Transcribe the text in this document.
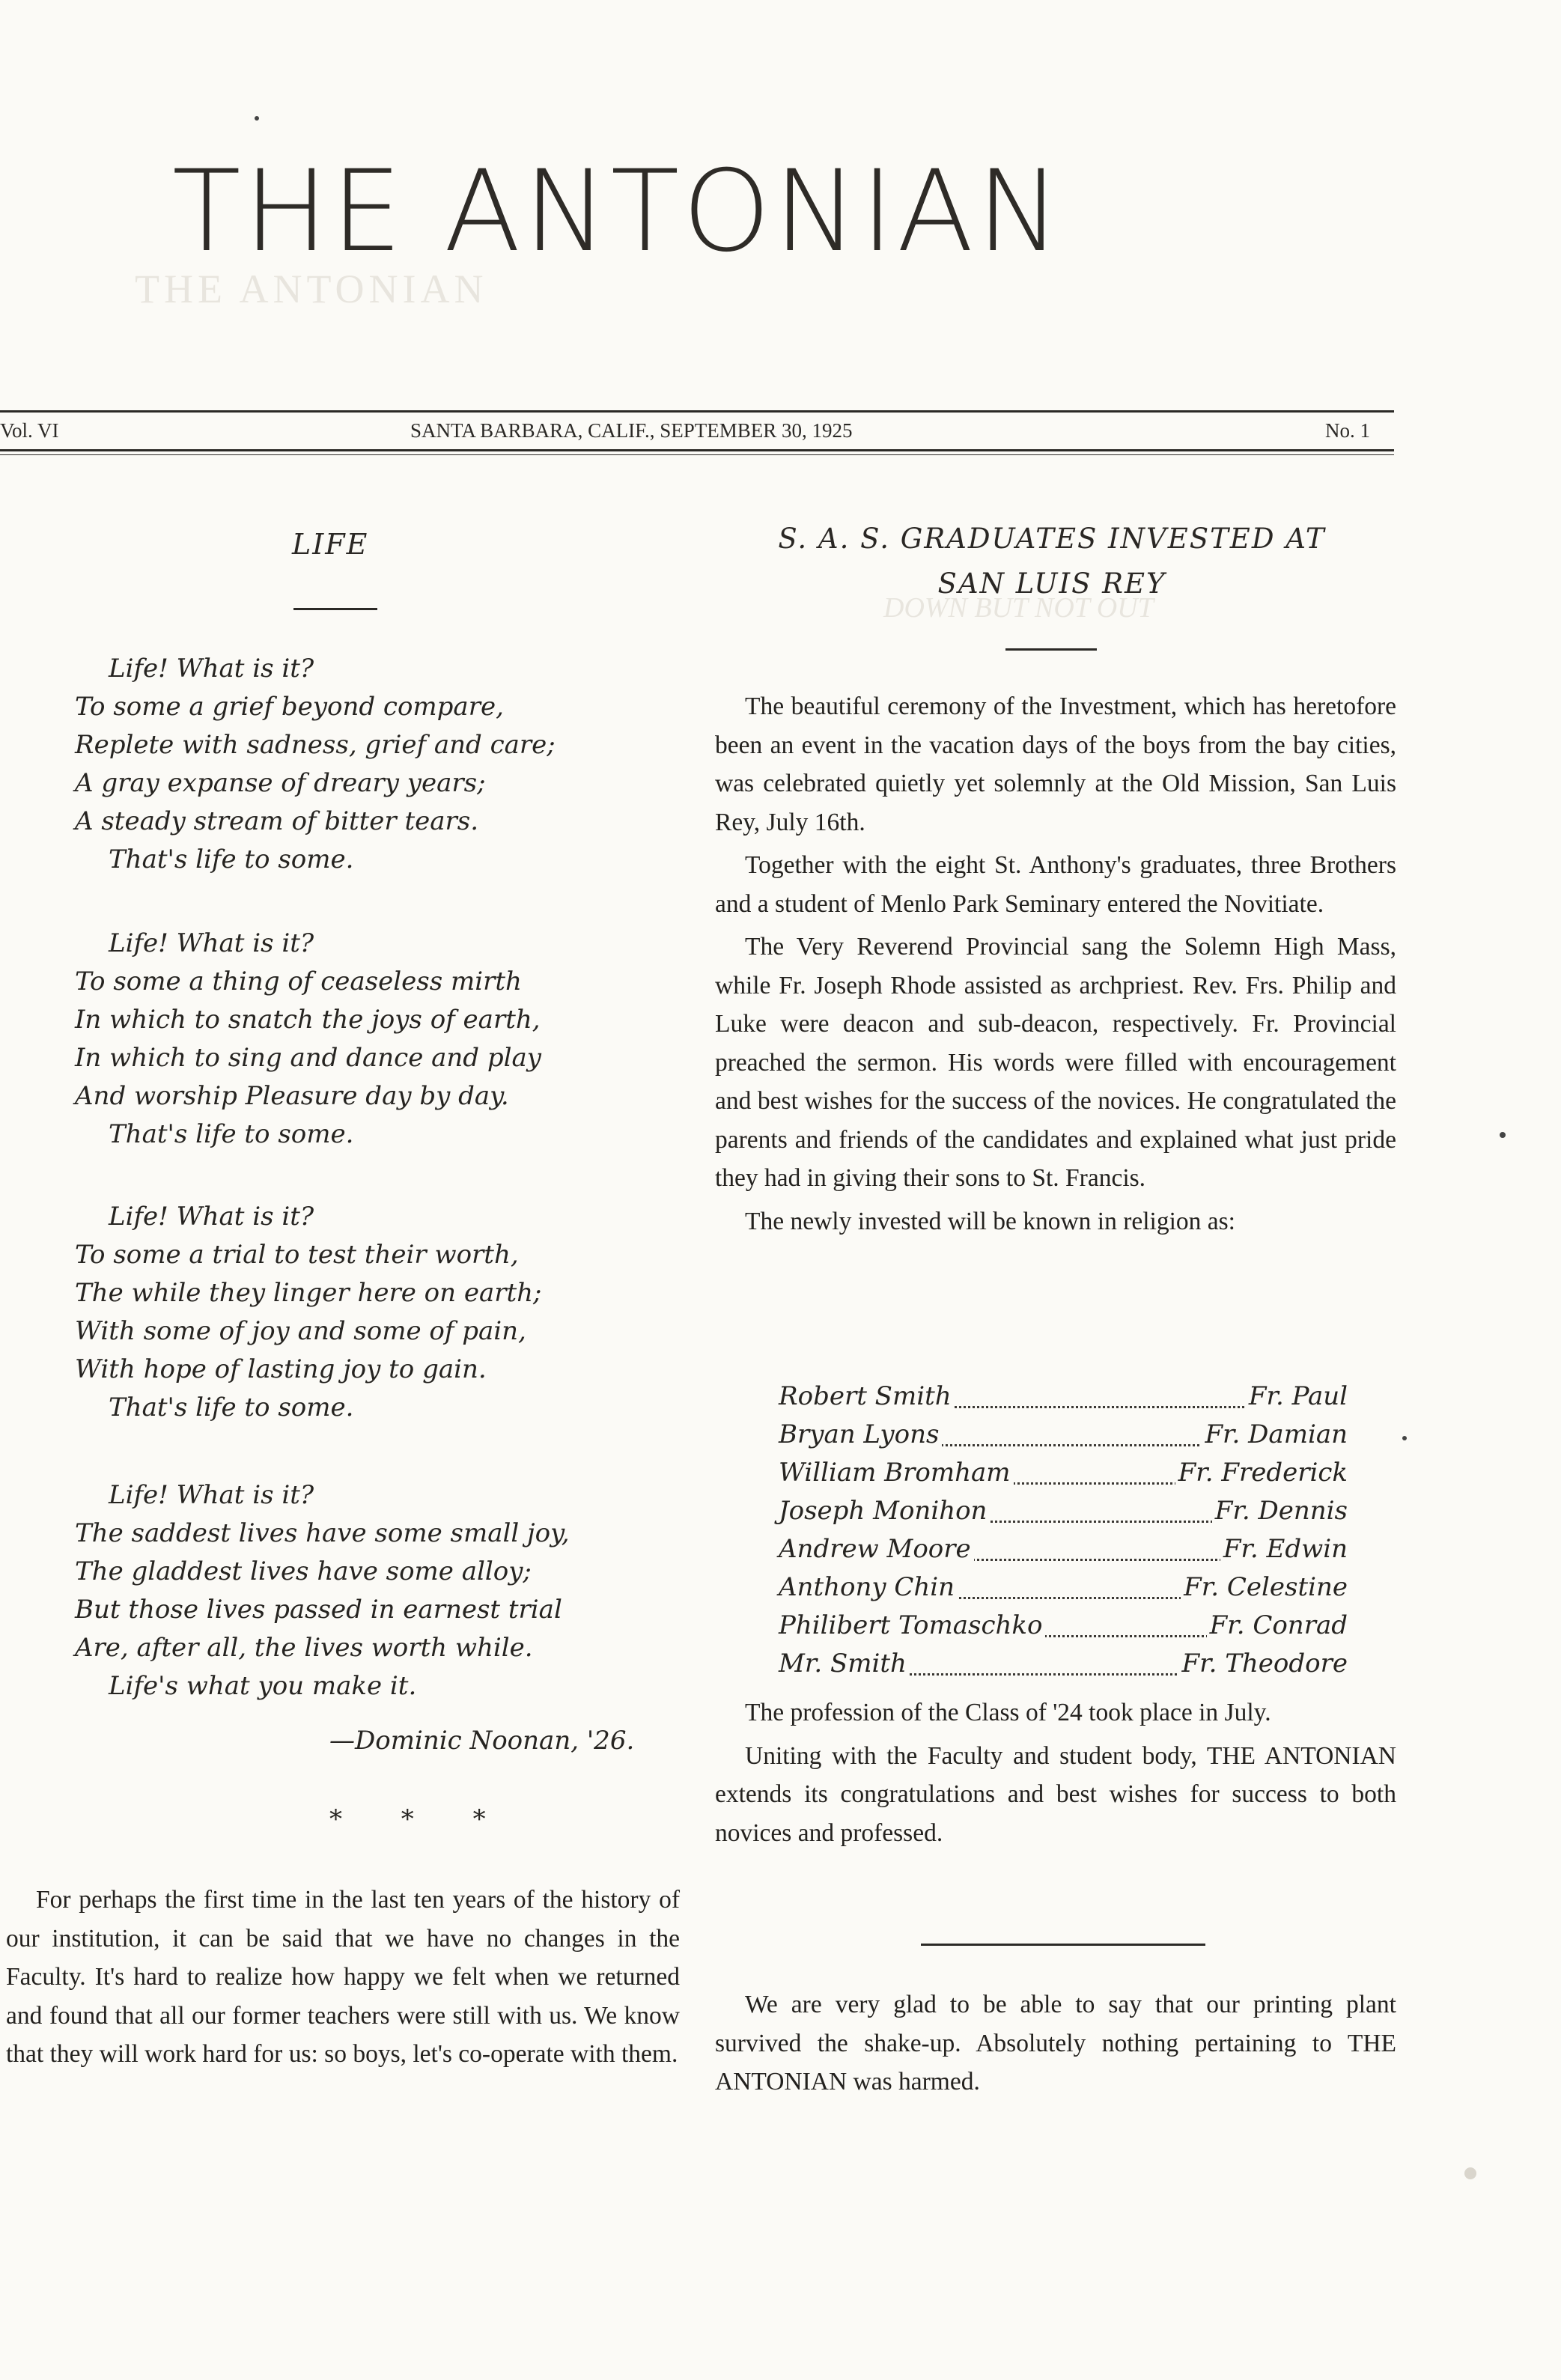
THE ANTONIAN
DOWN BUT NOT OUT
THE ANTONIAN
Vol. VI	SANTA BARBARA, CALIF., SEPTEMBER 30, 1925	No. 1
LIFE
Life! What is it?
To some a grief beyond compare,
Replete with sadness, grief and care;
A gray expanse of dreary years;
A steady stream of bitter tears.
That's life to some.
Life! What is it?
To some a thing of ceaseless mirth
In which to snatch the joys of earth,
In which to sing and dance and play
And worship Pleasure day by day.
That's life to some.
Life! What is it?
To some a trial to test their worth,
The while they linger here on earth;
With some of joy and some of pain,
With hope of lasting joy to gain.
That's life to some.
Life! What is it?
The saddest lives have some small joy,
The gladdest lives have some alloy;
But those lives passed in earnest trial
Are, after all, the lives worth while.
Life's what you make it.
—Dominic Noonan, '26.
* * *

For perhaps the first time in the last ten years of the history of our institution, it can be said that we have no changes in the Faculty. It's hard to realize how happy we felt when we returned and found that all our former teachers were still with us. We know that they will work hard for us: so boys, let's co-operate with them.

S. A. S. GRADUATES INVESTED AT
SAN LUIS REY

The beautiful ceremony of the Investment, which has heretofore been an event in the vacation days of the boys from the bay cities, was celebrated quietly yet solemnly at the Old Mission, San Luis Rey, July 16th.

Together with the eight St. Anthony's graduates, three Brothers and a student of Menlo Park Seminary entered the Novitiate.

The Very Reverend Provincial sang the Solemn High Mass, while Fr. Joseph Rhode assisted as archpriest. Rev. Frs. Philip and Luke were deacon and sub-deacon, respectively. Fr. Provincial preached the sermon. His words were filled with encouragement and best wishes for the success of the novices. He congratulated the parents and friends of the candidates and explained what just pride they had in giving their sons to St. Francis.

The newly invested will be known in religion as:

Robert Smith	Fr. Paul
Bryan Lyons	Fr. Damian
William Bromham	Fr. Frederick
Joseph Monihon	Fr. Dennis
Andrew Moore	Fr. Edwin
Anthony Chin	Fr. Celestine
Philibert Tomaschko	Fr. Conrad
Mr. Smith	Fr. Theodore

The profession of the Class of '24 took place in July.

Uniting with the Faculty and student body, THE ANTONIAN extends its congratulations and best wishes for success to both novices and professed.

We are very glad to be able to say that our printing plant survived the shake-up. Absolutely nothing pertaining to THE ANTONIAN was harmed.
